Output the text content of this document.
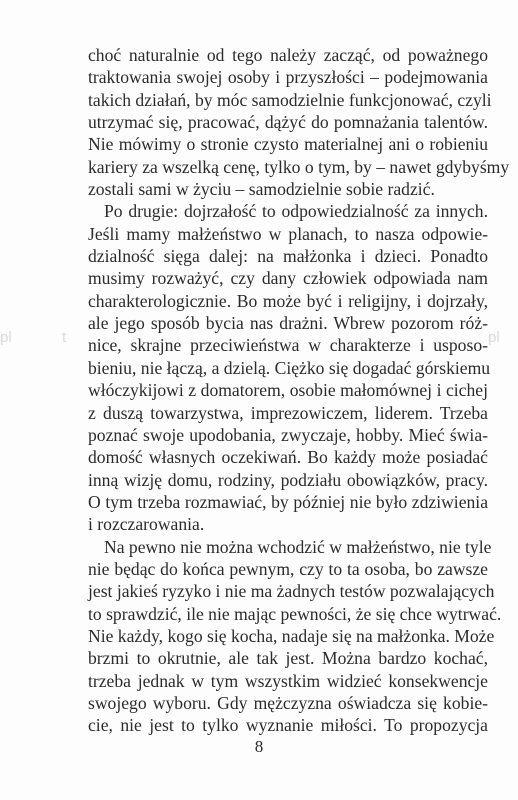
choć naturalnie od tego należy zacząć, od poważnego
traktowania swojej osoby i przyszłości – podejmowania
takich działań, by móc samodzielnie funkcjonować, czyli
utrzymać się, pracować, dążyć do pomnażania talentów.
Nie mówimy o stronie czysto materialnej ani o robieniu
kariery za wszelką cenę, tylko o tym, by – nawet gdybyśmy
zostali sami w życiu – samodzielnie sobie radzić.
Po drugie: dojrzałość to odpowiedzialność za innych.
Jeśli mamy małżeństwo w planach, to nasza odpowie-
dzialność sięga dalej: na małżonka i dzieci. Ponadto
musimy rozważyć, czy dany człowiek odpowiada nam
charakterologicznie. Bo może być i religijny, i dojrzały,
ale jego sposób bycia nas drażni. Wbrew pozorom róż-
nice, skrajne przeciwieństwa w charakterze i usposo-
bieniu, nie łączą, a dzielą. Ciężko się dogadać górskiemu
włóczykijowi z domatorem, osobie małomównej i cichej
z duszą towarzystwa, imprezowiczem, liderem. Trzeba
poznać swoje upodobania, zwyczaje, hobby. Mieć świa-
domość własnych oczekiwań. Bo każdy może posiadać
inną wizję domu, rodziny, podziału obowiązków, pracy.
O tym trzeba rozmawiać, by później nie było zdziwienia
i rozczarowania.
Na pewno nie można wchodzić w małżeństwo, nie tyle
nie będąc do końca pewnym, czy to ta osoba, bo zawsze
jest jakieś ryzyko i nie ma żadnych testów pozwalających
to sprawdzić, ile nie mając pewności, że się chce wytrwać.
Nie każdy, kogo się kocha, nadaje się na małżonka. Może
brzmi to okrutnie, ale tak jest. Można bardzo kochać,
trzeba jednak w tym wszystkim widzieć konsekwencje
swojego wyboru. Gdy mężczyzna oświadcza się kobie-
cie, nie jest to tylko wyznanie miłości. To propozycja
pl	t	pl
8
